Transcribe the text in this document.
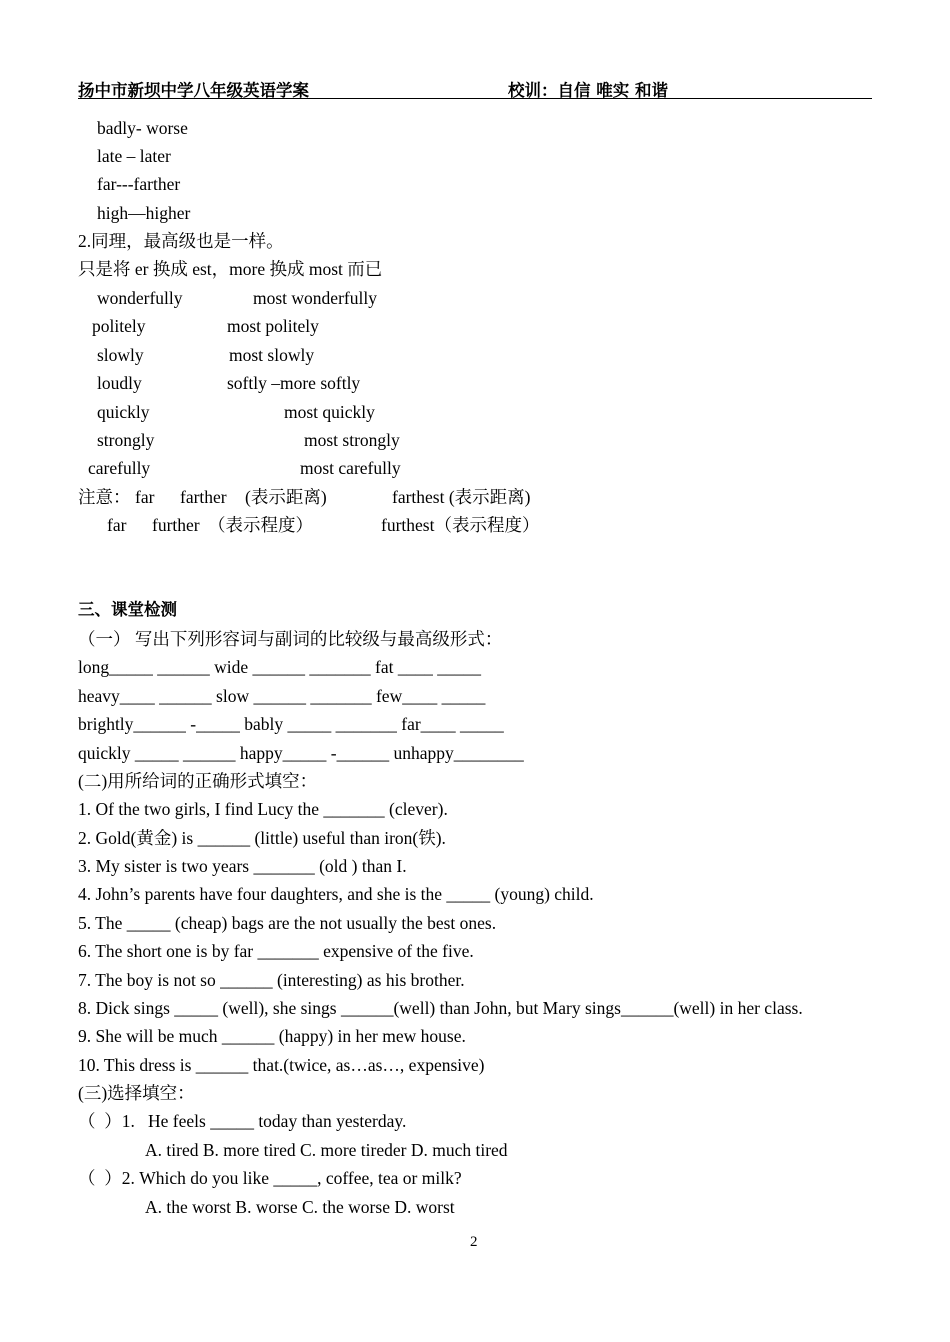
扬中市新坝中学八年级英语学案	校训：自信 唯实 和谐
badly- worse
late – later
far---farther
high—higher
2.同理，最高级也是一样。
只是将 er 换成 est，more 换成 most 而已
wonderfully	most wonderfully
politely	most politely
slowly	most slowly
loudly	softly –more softly
quickly	most quickly
strongly	most strongly
carefully	most carefully
注意： far farther (表示距离)	farthest (表示距离)
far further （表示程度）	furthest（表示程度）
三、课堂检测
（一） 写出下列形容词与副词的比较级与最高级形式：
long_____ ______ wide ______ _______ fat ____ _____
heavy____ ______ slow ______ _______ few____ _____
brightly______ -_____ bably _____ _______ far____ _____
quickly _____ ______ happy_____ -______ unhappy________
(二)用所给词的正确形式填空：
1. Of the two girls, I find Lucy the _______ (clever).
2. Gold(黄金) is ______ (little) useful than iron(铁).
3. My sister is two years _______ (old ) than I.
4. John’s parents have four daughters, and she is the _____ (young) child.
5. The _____ (cheap) bags are the not usually the best ones.
6. The short one is by far _______ expensive of the five.
7. The boy is not so ______ (interesting) as his brother.
8. Dick sings _____ (well), she sings ______(well) than John, but Mary sings______(well) in her class.
9. She will be much ______ (happy) in her mew house.
10. This dress is ______ that.(twice, as…as…, expensive)
(三)选择填空：
（  ）1.   He feels _____ today than yesterday.
A. tired B. more tired C. more tireder D. much tired
（  ）2. Which do you like _____, coffee, tea or milk?
A. the worst B. worse C. the worse D. worst
2
